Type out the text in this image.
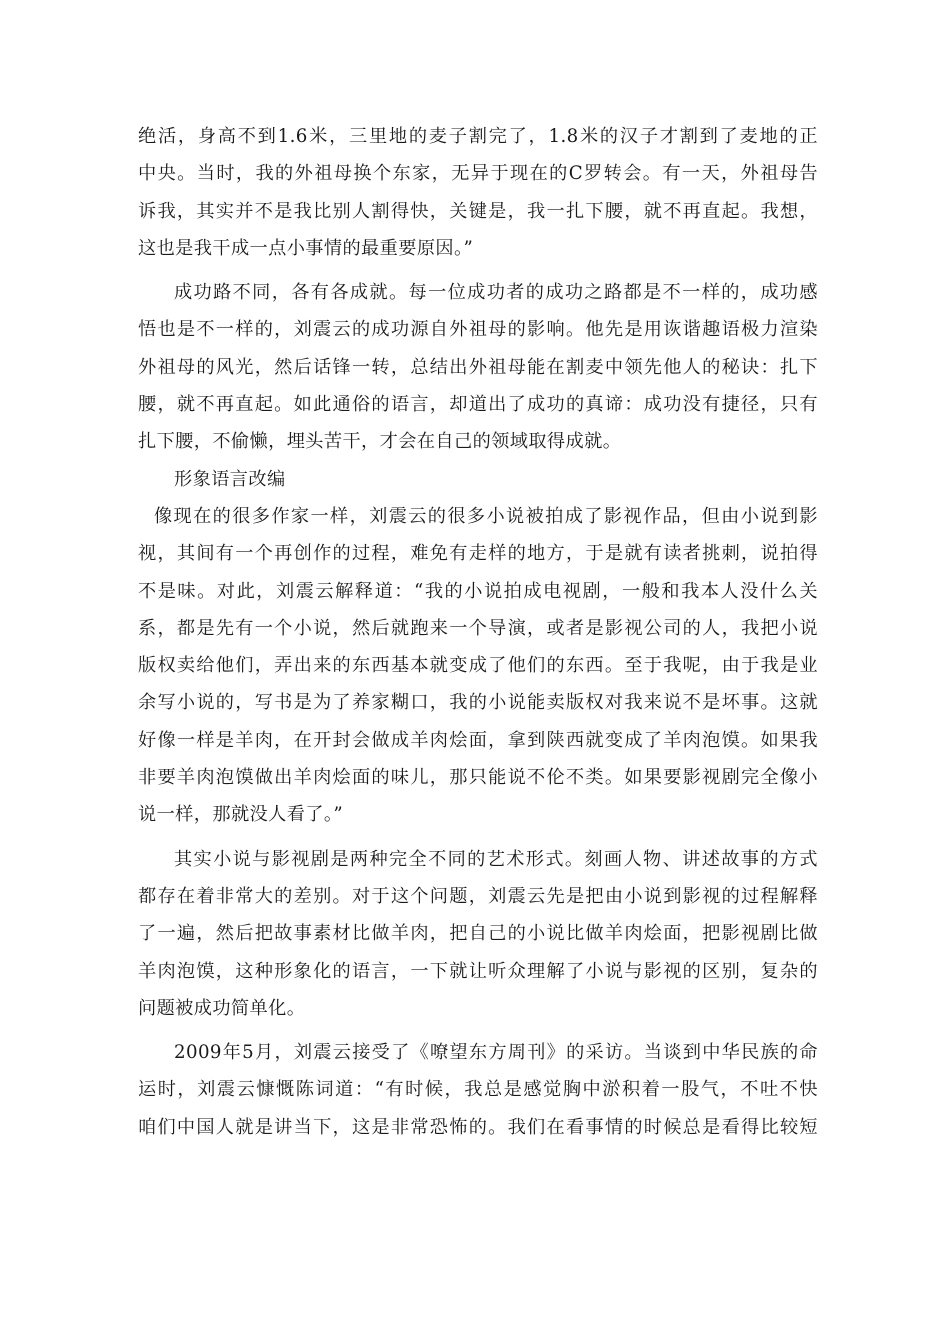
绝活，身高不到1.6米，三里地的麦子割完了，1.8米的汉子才割到了麦地的正
中央。当时，我的外祖母换个东家，无异于现在的C罗转会。有一天，外祖母告
诉我，其实并不是我比别人割得快，关键是，我一扎下腰，就不再直起。我想，
这也是我干成一点小事情的最重要原因。”
成功路不同，各有各成就。每一位成功者的成功之路都是不一样的，成功感
悟也是不一样的，刘震云的成功源自外祖母的影响。他先是用诙谐趣语极力渲染
外祖母的风光，然后话锋一转，总结出外祖母能在割麦中领先他人的秘诀：扎下
腰，就不再直起。如此通俗的语言，却道出了成功的真谛：成功没有捷径，只有
扎下腰，不偷懒，埋头苦干，才会在自己的领域取得成就。
形象语言改编
像现在的很多作家一样，刘震云的很多小说被拍成了影视作品，但由小说到影
视，其间有一个再创作的过程，难免有走样的地方，于是就有读者挑刺，说拍得
不是味。对此，刘震云解释道：“我的小说拍成电视剧，一般和我本人没什么关
系，都是先有一个小说，然后就跑来一个导演，或者是影视公司的人，我把小说
版权卖给他们，弄出来的东西基本就变成了他们的东西。至于我呢，由于我是业
余写小说的，写书是为了养家糊口，我的小说能卖版权对我来说不是坏事。这就
好像一样是羊肉，在开封会做成羊肉烩面，拿到陕西就变成了羊肉泡馍。如果我
非要羊肉泡馍做出羊肉烩面的味儿，那只能说不伦不类。如果要影视剧完全像小
说一样，那就没人看了。”
其实小说与影视剧是两种完全不同的艺术形式。刻画人物、讲述故事的方式
都存在着非常大的差别。对于这个问题，刘震云先是把由小说到影视的过程解释
了一遍，然后把故事素材比做羊肉，把自己的小说比做羊肉烩面，把影视剧比做
羊肉泡馍，这种形象化的语言，一下就让听众理解了小说与影视的区别，复杂的
问题被成功简单化。
2009年5月，刘震云接受了《嘹望东方周刊》的采访。当谈到中华民族的命
运时，刘震云慷慨陈词道：“有时候，我总是感觉胸中淤积着一股气，不吐不快
咱们中国人就是讲当下，这是非常恐怖的。我们在看事情的时候总是看得比较短
